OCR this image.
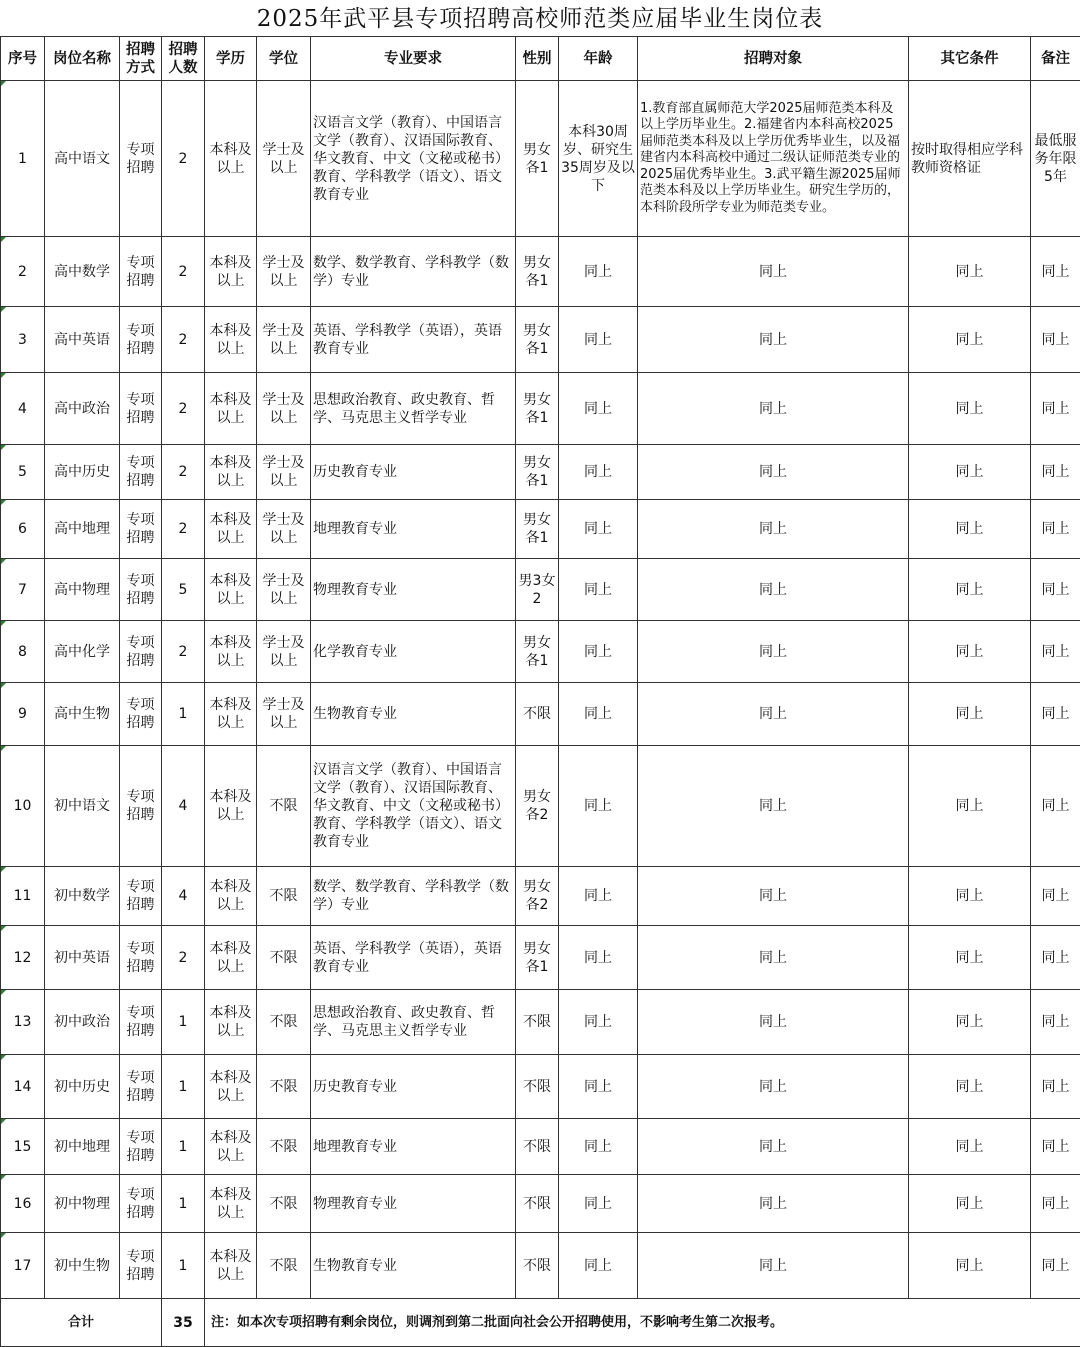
2025年武平县专项招聘高校师范类应届毕业生岗位表
序号	岗位名称	招聘方式	招聘人数	学历	学位	专业要求	性别	年龄	招聘对象	其它条件	备注
1	高中语文	专项招聘	2	本科及以上	学士及以上	汉语言文学（教育）、中国语言文学（教育）、汉语国际教育、华文教育、中文（文秘或秘书）教育、学科教学（语文）、语文教育专业	男女各1	本科30周岁、研究生35周岁及以下	1.教育部直属师范大学2025届师范类本科及以上学历毕业生。2.福建省内本科高校2025届师范类本科及以上学历优秀毕业生，以及福建省内本科高校中通过二级认证师范类专业的2025届优秀毕业生。3.武平籍生源2025届师范类本科及以上学历毕业生。研究生学历的，本科阶段所学专业为师范类专业。	按时取得相应学科教师资格证	最低服务年限5年
2	高中数学	专项招聘	2	本科及以上	学士及以上	数学、数学教育、学科教学（数学）专业	男女各1	同上	同上	同上	同上
3	高中英语	专项招聘	2	本科及以上	学士及以上	英语、学科教学（英语），英语教育专业	男女各1	同上	同上	同上	同上
4	高中政治	专项招聘	2	本科及以上	学士及以上	思想政治教育、政史教育、哲学、马克思主义哲学专业	男女各1	同上	同上	同上	同上
5	高中历史	专项招聘	2	本科及以上	学士及以上	历史教育专业	男女各1	同上	同上	同上	同上
6	高中地理	专项招聘	2	本科及以上	学士及以上	地理教育专业	男女各1	同上	同上	同上	同上
7	高中物理	专项招聘	5	本科及以上	学士及以上	物理教育专业	男3女2	同上	同上	同上	同上
8	高中化学	专项招聘	2	本科及以上	学士及以上	化学教育专业	男女各1	同上	同上	同上	同上
9	高中生物	专项招聘	1	本科及以上	学士及以上	生物教育专业	不限	同上	同上	同上	同上
10	初中语文	专项招聘	4	本科及以上	不限	汉语言文学（教育）、中国语言文学（教育）、汉语国际教育、华文教育、中文（文秘或秘书）教育、学科教学（语文）、语文教育专业	男女各2	同上	同上	同上	同上
11	初中数学	专项招聘	4	本科及以上	不限	数学、数学教育、学科教学（数学）专业	男女各2	同上	同上	同上	同上
12	初中英语	专项招聘	2	本科及以上	不限	英语、学科教学（英语），英语教育专业	男女各1	同上	同上	同上	同上
13	初中政治	专项招聘	1	本科及以上	不限	思想政治教育、政史教育、哲学、马克思主义哲学专业	不限	同上	同上	同上	同上
14	初中历史	专项招聘	1	本科及以上	不限	历史教育专业	不限	同上	同上	同上	同上
15	初中地理	专项招聘	1	本科及以上	不限	地理教育专业	不限	同上	同上	同上	同上
16	初中物理	专项招聘	1	本科及以上	不限	物理教育专业	不限	同上	同上	同上	同上
17	初中生物	专项招聘	1	本科及以上	不限	生物教育专业	不限	同上	同上	同上	同上
合计			35	注：如本次专项招聘有剩余岗位，则调剂到第二批面向社会公开招聘使用，不影响考生第二次报考。							
